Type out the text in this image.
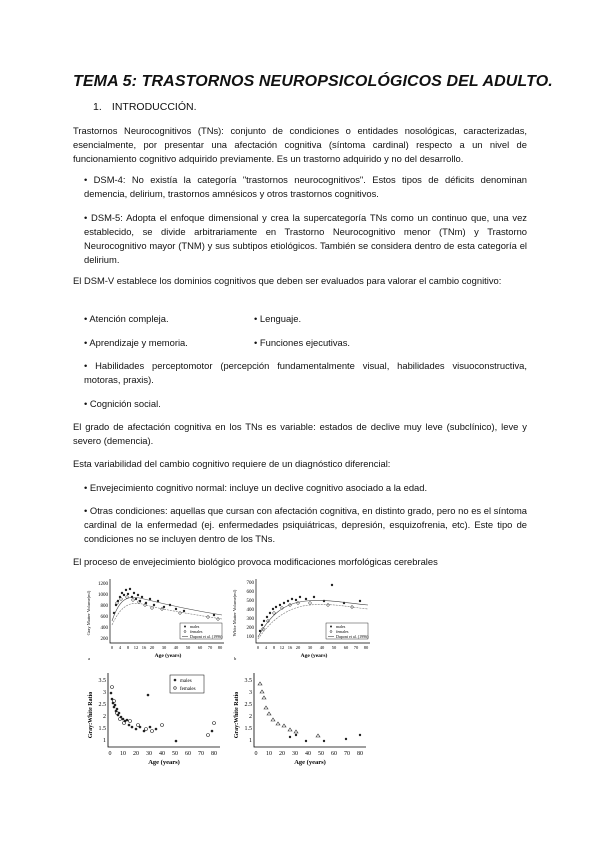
TEMA 5: TRASTORNOS NEUROPSICOLÓGICOS DEL ADULTO.
1. INTRODUCCIÓN.

Trastornos Neurocognitivos (TNs): conjunto de condiciones o entidades nosológicas, caracterizadas, esencialmente, por presentar una afectación cognitiva (síntoma cardinal) respecto a un nivel de funcionamiento cognitivo adquirido previamente. Es un trastorno adquirido y no del desarrollo.

• DSM-4: No existía la categoría "trastornos neurocognitivos". Estos tipos de déficits denominan demencia, delirium, trastornos amnésicos y otros trastornos cognitivos.

• DSM-5: Adopta el enfoque dimensional y crea la supercategoría TNs como un continuo que, una vez establecido, se divide arbitrariamente en Trastorno Neurocognitivo menor (TNm) y Trastorno Neurocognitivo mayor (TNM) y sus subtipos etiológicos. También se considera dentro de esta categoría el delirium.

El DSM-V establece los dominios cognitivos que deben ser evaluados para valorar el cambio cognitivo:

• Atención compleja.	• Lenguaje.
• Aprendizaje y memoria.	• Funciones ejecutivas.

• Habilidades perceptomotor (percepción fundamentalmente visual, habilidades visuoconstructiva, motoras, praxis).

• Cognición social.

El grado de afectación cognitiva en los TNs es variable: estados de declive muy leve (subclínico), leve y severo (demencia).

Esta variabilidad del cambio cognitivo requiere de un diagnóstico diferencial:

• Envejecimiento cognitivo normal: incluye un declive cognitivo asociado a la edad.

• Otras condiciones: aquellas que cursan con afectación cognitiva, en distinto grado, pero no es el síntoma cardinal de la enfermedad (ej. enfermedades psiquiátricas, depresión, esquizofrenia, etc). Este tipo de condiciones no se incluyen dentro de los TNs.

El proceso de envejecimiento biológico provoca modificaciones morfológicas cerebrales

Gray Matter Volume(ml)
1200
1000
800
600
400
200
0 4 8 12 16 20 30 40 50 60 70 80
Age (years)
males
females
Dupont et al. (1996)
a
White Matter Volume(ml)
700
600
500
400
300
200
100
0 4 8 12 16 20 30 40 50 60 70 80
Age (years)
males
females
Dupont et al. (1996)
b
Gray:White Ratio
3.5
3
2.5
2
1.5
1
0 10 20 30 40 50 60 70 80
Age (years)
males
females
Gray:White Ratio
3.5
3
2.5
2
1.5
1
0 10 20 30 40 50 60 70 80
Age (years)
